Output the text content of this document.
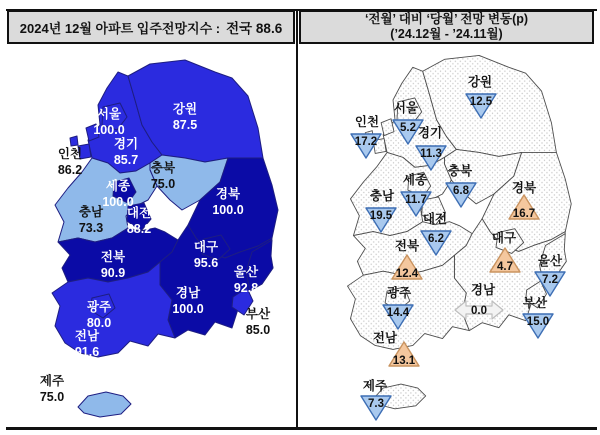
2024년 12월 아파트 입주전망지수 : 전국 88.6
‘전월’ 대비 ‘당월’ 전망 변동(p)
(’24.12월 - ’24.11월)
서울
100.0
인천
86.2
경기
85.7
강원
87.5
충북
75.0
세종
100.0
충남
73.3
대전
88.2
경북
100.0
대구
95.6
전북
90.9	울산
92.8
광주
80.0
경남
100.0
전남
91.6
부산
85.0
제주
75.0
서울
5.2
인천
17.2
경기
11.3
강원
12.5
충북
6.8
세종
11.7
충남
19.5 대전
6.2
경북
16.7
대구
4.7
전북
12.4
울산
7.2
광주
14.4
경남
0.0
전남
13.1
부산
15.0
제주
7.3
